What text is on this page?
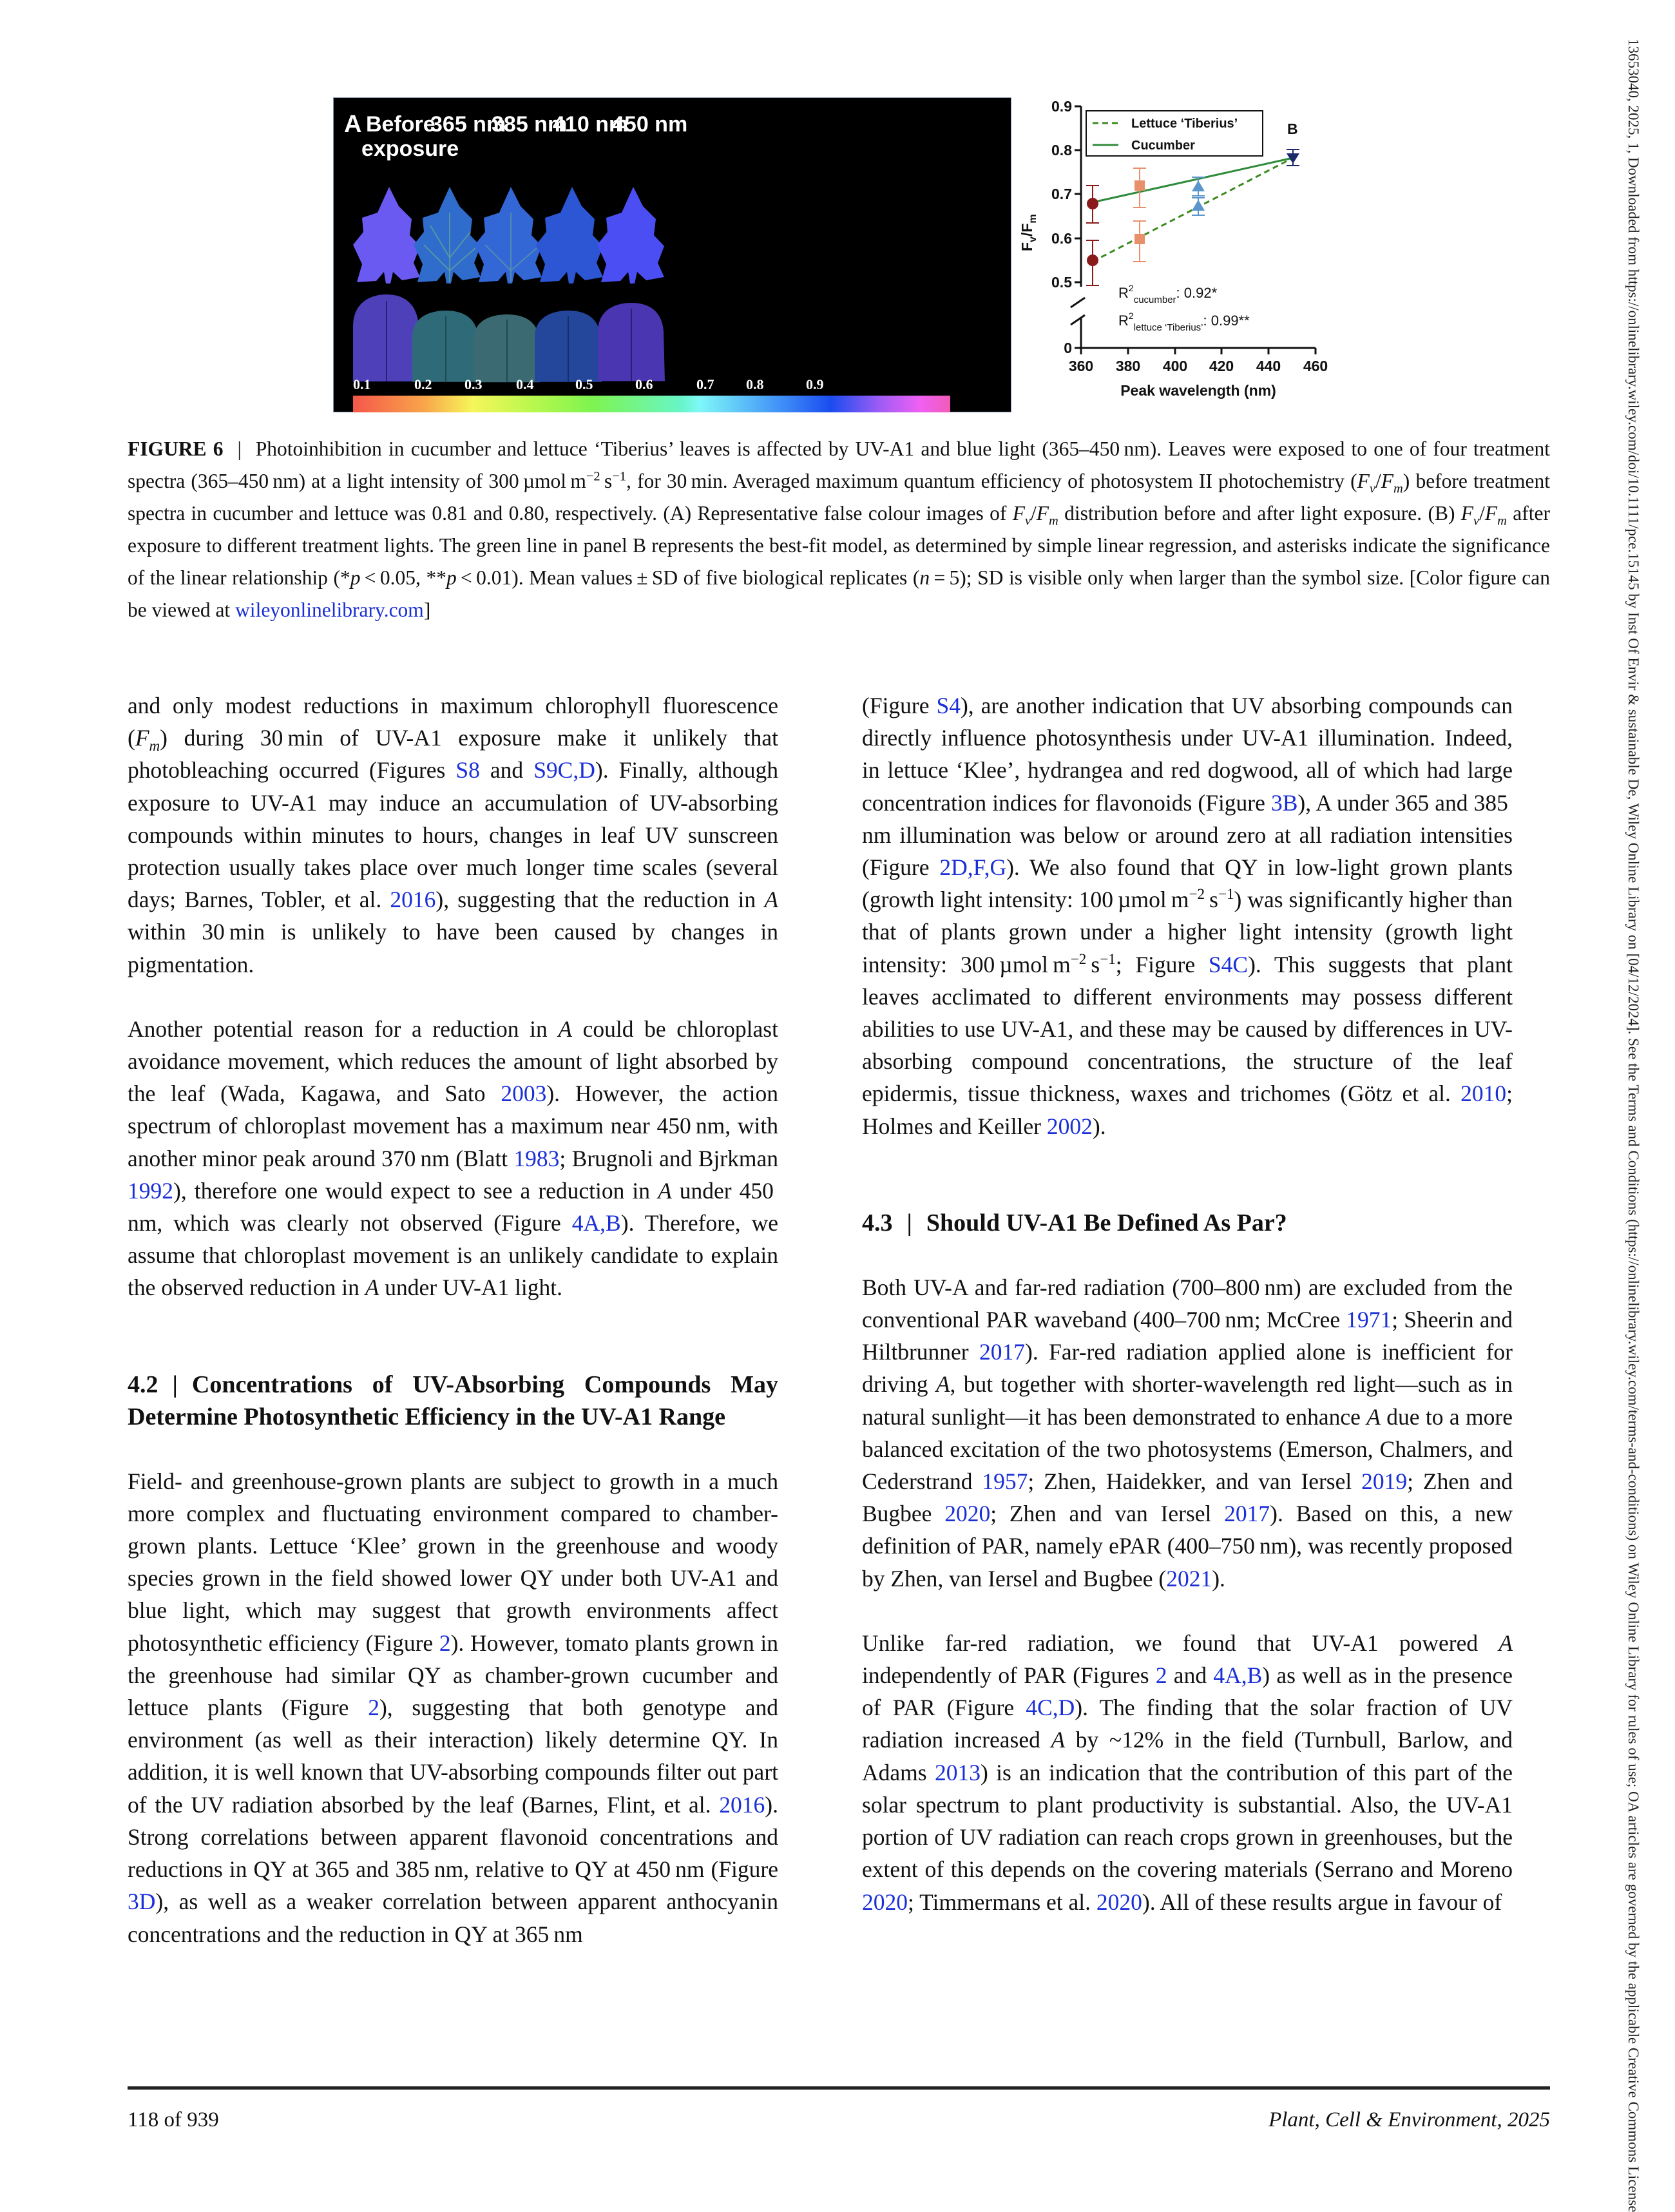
A Before
exposure
365 nm
385 nm
410 nm
450 nm
0.1	0.2 0.3 0.4	0.5	0.6	0.7 0.8	0.9
0.9
0.8
0.7
0.6
0.5
0
360 380 400 420 440 460
Peak wavelength (nm)
$F_v/F_m$
Lettuce ‘Tiberius’
Cucumber
B
$R^2_{cucumber}$: 0.92*
$R^2_{lettuce ‘Tiberius’}$: 0.99**
FIGURE 6 | Photoinhibition in cucumber and lettuce ‘Tiberius’ leaves is affected by UV-A1 and blue light (365–450 nm). Leaves were exposed to one of four treatment spectra (365–450 nm) at a light intensity of 300 µmol $m^{-2}$ $s^{-1}$, for 30 min. Averaged maximum quantum efficiency of photosystem II photochemistry $(F_v/F_m)$ before treatment spectra in cucumber and lettuce was 0.81 and 0.80, respectively. (A) Representative false colour images of $F_v/F_m$ distribution before and after light exposure. (B) $F_v/F_m$ after exposure to different treatment lights. The green line in panel B represents the best-fit model, as determined by simple linear regression, and asterisks indicate the significance of the linear relationship (*p < 0.05, **p < 0.01). Mean values ± SD of five biological replicates (n = 5); SD is visible only when larger than the symbol size. [Color figure can be viewed at wileyonlinelibrary.com]

and only modest reductions in maximum chlorophyll fluorescence $(F_m)$ during 30 min of UV-A1 exposure make it unlikely that photobleaching occurred (Figures S8 and S9C,D). Finally, although exposure to UV-A1 may induce an accumulation of UV-absorbing compounds within minutes to hours, changes in leaf UV sunscreen protection usually takes place over much longer time scales (several days; Barnes, Tobler, et al. 2016), suggesting that the reduction in A within 30 min is unlikely to have been caused by changes in pigmentation.

Another potential reason for a reduction in A could be chloroplast avoidance movement, which reduces the amount of light absorbed by the leaf (Wada, Kagawa, and Sato 2003). However, the action spectrum of chloroplast movement has a maximum near 450 nm, with another minor peak around 370 nm (Blatt 1983; Brugnoli and Bjrkman 1992), therefore one would expect to see a reduction in A under 450 nm, which was clearly not observed (Figure 4A,B). Therefore, we assume that chloroplast movement is an unlikely candidate to explain the observed reduction in A under UV-A1 light.

4.2 | Concentrations of UV-Absorbing Compounds May Determine Photosynthetic Efficiency in the UV-A1 Range

Field- and greenhouse-grown plants are subject to growth in a much more complex and fluctuating environment compared to chamber-grown plants. Lettuce ‘Klee’ grown in the greenhouse and woody species grown in the field showed lower QY under both UV-A1 and blue light, which may suggest that growth environments affect photosynthetic efficiency (Figure 2). However, tomato plants grown in the greenhouse had similar QY as chamber-grown cucumber and lettuce plants (Figure 2), suggesting that both genotype and environment (as well as their interaction) likely determine QY. In addition, it is well known that UV-absorbing compounds filter out part of the UV radiation absorbed by the leaf (Barnes, Flint, et al. 2016). Strong correlations between apparent flavonoid concentrations and reductions in QY at 365 and 385 nm, relative to QY at 450 nm (Figure 3D), as well as a weaker correlation between apparent anthocyanin concentrations and the reduction in QY at 365 nm

(Figure S4), are another indication that UV absorbing compounds can directly influence photosynthesis under UV-A1 illumination. Indeed, in lettuce ‘Klee’, hydrangea and red dogwood, all of which had large concentration indices for flavonoids (Figure 3B), A under 365 and 385 nm illumination was below or around zero at all radiation intensities (Figure 2D,F,G). We also found that QY in low-light grown plants (growth light intensity: 100 µmol $m^{-2}$ $s^{-1}$) was significantly higher than that of plants grown under a higher light intensity (growth light intensity: 300 µmol $m^{-2}$ $s^{-1}$; Figure S4C). This suggests that plant leaves acclimated to different environments may possess different abilities to use UV-A1, and these may be caused by differences in UV-absorbing compound concentrations, the structure of the leaf epidermis, tissue thickness, waxes and trichomes (Götz et al. 2010; Holmes and Keiller 2002).

4.3 | Should UV-A1 Be Defined As Par?

Both UV-A and far-red radiation (700–800 nm) are excluded from the conventional PAR waveband (400–700 nm; McCree 1971; Sheerin and Hiltbrunner 2017). Far-red radiation applied alone is inefficient for driving A, but together with shorter-wavelength red light—such as in natural sunlight—it has been demonstrated to enhance A due to a more balanced excitation of the two photosystems (Emerson, Chalmers, and Cederstrand 1957; Zhen, Haidekker, and van Iersel 2019; Zhen and Bugbee 2020; Zhen and van Iersel 2017). Based on this, a new definition of PAR, namely ePAR (400–750 nm), was recently proposed by Zhen, van Iersel and Bugbee (2021).

Unlike far-red radiation, we found that UV-A1 powered A independently of PAR (Figures 2 and 4A,B) as well as in the presence of PAR (Figure 4C,D). The finding that the solar fraction of UV radiation increased A by ~12% in the field (Turnbull, Barlow, and Adams 2013) is an indication that the contribution of this part of the solar spectrum to plant productivity is substantial. Also, the UV-A1 portion of UV radiation can reach crops grown in greenhouses, but the extent of this depends on the covering materials (Serrano and Moreno 2020; Timmermans et al. 2020). All of these results argue in favour of

118 of 939	Plant, Cell & Environment, 2025	13653040, 2025, 1, Downloaded from https://onlinelibrary.wiley.com/doi/10.1111/pce.15145 by Inst Of Envir & sustainable De, Wiley Online Library on [04/12/2024]. See the Terms and Conditions (https://onlinelibrary.wiley.com/terms-and-conditions) on Wiley Online Library for rules of use; OA articles are governed by the applicable Creative Commons License
